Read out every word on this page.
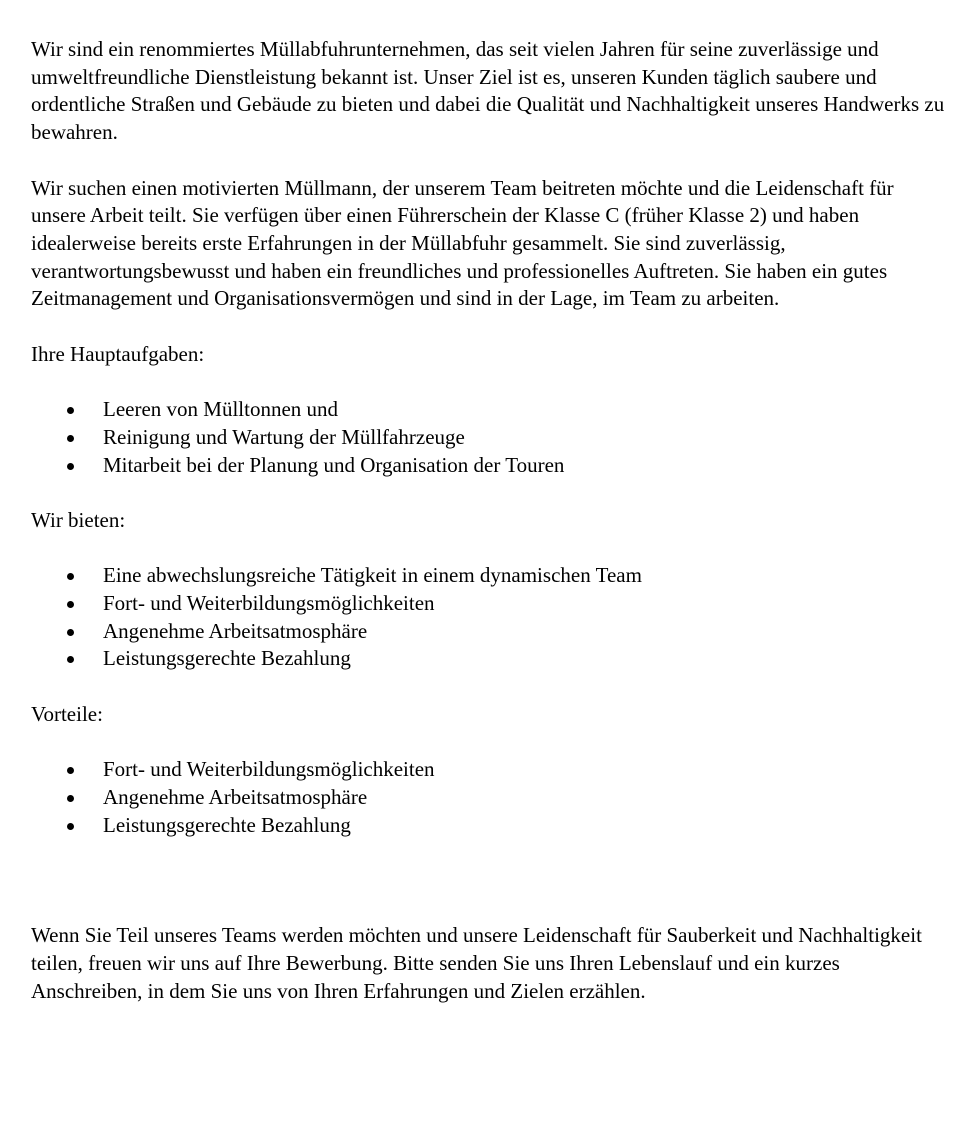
Wir sind ein renommiertes Müllabfuhrunternehmen, das seit vielen Jahren für seine zuverlässige und umweltfreundliche Dienstleistung bekannt ist. Unser Ziel ist es, unseren Kunden täglich saubere und ordentliche Straßen und Gebäude zu bieten und dabei die Qualität und Nachhaltigkeit unseres Handwerks zu bewahren.

Wir suchen einen motivierten Müllmann, der unserem Team beitreten möchte und die Leidenschaft für unsere Arbeit teilt. Sie verfügen über einen Führerschein der Klasse C (früher Klasse 2) und haben idealerweise bereits erste Erfahrungen in der Müllabfuhr gesammelt. Sie sind zuverlässig, verantwortungsbewusst und haben ein freundliches und professionelles Auftreten. Sie haben ein gutes Zeitmanagement und Organisationsvermögen und sind in der Lage, im Team zu arbeiten.

Ihre Hauptaufgaben:

Leeren von Mülltonnen und
Reinigung und Wartung der Müllfahrzeuge
Mitarbeit bei der Planung und Organisation der Touren

Wir bieten:

Eine abwechslungsreiche Tätigkeit in einem dynamischen Team
Fort- und Weiterbildungsmöglichkeiten
Angenehme Arbeitsatmosphäre
Leistungsgerechte Bezahlung

Vorteile:

Fort- und Weiterbildungsmöglichkeiten
Angenehme Arbeitsatmosphäre
Leistungsgerechte Bezahlung

Wenn Sie Teil unseres Teams werden möchten und unsere Leidenschaft für Sauberkeit und Nachhaltigkeit teilen, freuen wir uns auf Ihre Bewerbung. Bitte senden Sie uns Ihren Lebenslauf und ein kurzes Anschreiben, in dem Sie uns von Ihren Erfahrungen und Zielen erzählen.
